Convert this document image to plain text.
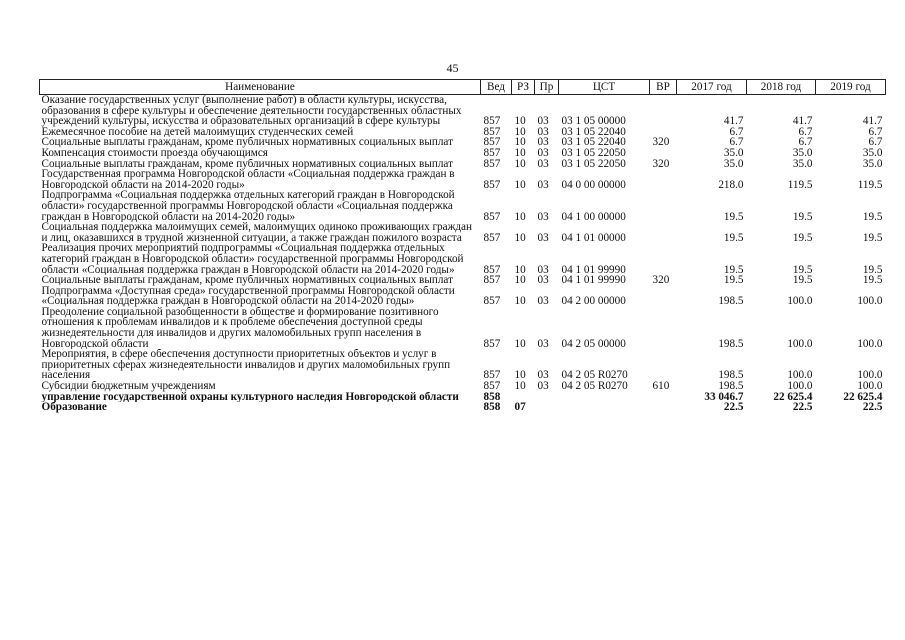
45
Наименование	Вед	РЗ	Пр	ЦСТ	ВР	2017 год	2018 год	2019 год
Оказание государственных услуг (выполнение работ) в области культуры, искусства, образования в сфере культуры и обеспечение деятельности государственных областных учреждений культуры, искусства и образовательных организаций в сфере культуры	857	10	03	03 1 05 00000		41.7	41.7	41.7
Ежемесячное пособие на детей малоимущих студенческих семей	857	10	03	03 1 05 22040		6.7	6.7	6.7
Социальные выплаты гражданам, кроме публичных нормативных социальных выплат	857	10	03	03 1 05 22040	320	6.7	6.7	6.7
Компенсация стоимости проезда обучающимся	857	10	03	03 1 05 22050		35.0	35.0	35.0
Социальные выплаты гражданам, кроме публичных нормативных социальных выплат	857	10	03	03 1 05 22050	320	35.0	35.0	35.0
Государственная программа Новгородской области «Социальная поддержка граждан в Новгородской области на 2014-2020 годы»	857	10	03	04 0 00 00000		218.0	119.5	119.5
Подпрограмма «Социальная поддержка отдельных категорий граждан в Новгородской области» государственной программы Новгородской области «Социальная поддержка граждан в Новгородской области на 2014-2020 годы»	857	10	03	04 1 00 00000		19.5	19.5	19.5
Социальная поддержка малоимущих семей, малоимущих одиноко проживающих граждан и лиц, оказавшихся в трудной жизненной ситуации, а также граждан пожилого возраста	857	10	03	04 1 01 00000		19.5	19.5	19.5
Реализация прочих мероприятий подпрограммы «Социальная поддержка отдельных категорий граждан в Новгородской области» государственной программы Новгородской области «Социальная поддержка граждан в Новгородской области на 2014-2020 годы»	857	10	03	04 1 01 99990		19.5	19.5	19.5
Социальные выплаты гражданам, кроме публичных нормативных социальных выплат	857	10	03	04 1 01 99990	320	19.5	19.5	19.5
Подпрограмма «Доступная среда» государственной программы Новгородской области «Социальная поддержка граждан в Новгородской области на 2014-2020 годы»	857	10	03	04 2 00 00000		198.5	100.0	100.0
Преодоление социальной разобщенности в обществе и формирование позитивного отношения к проблемам инвалидов и к проблеме обеспечения доступной среды жизнедеятельности для инвалидов и других маломобильных групп населения в Новгородской области	857	10	03	04 2 05 00000		198.5	100.0	100.0
Мероприятия, в сфере обеспечения доступности приоритетных объектов и услуг в приоритетных сферах жизнедеятельности инвалидов и других маломобильных групп населения	857	10	03	04 2 05 R0270		198.5	100.0	100.0
Субсидии бюджетным учреждениям	857	10	03	04 2 05 R0270	610	198.5	100.0	100.0
управление государственной охраны культурного наследия Новгородской области	858					33 046.7	22 625.4	22 625.4
Образование	858	07				22.5	22.5	22.5
